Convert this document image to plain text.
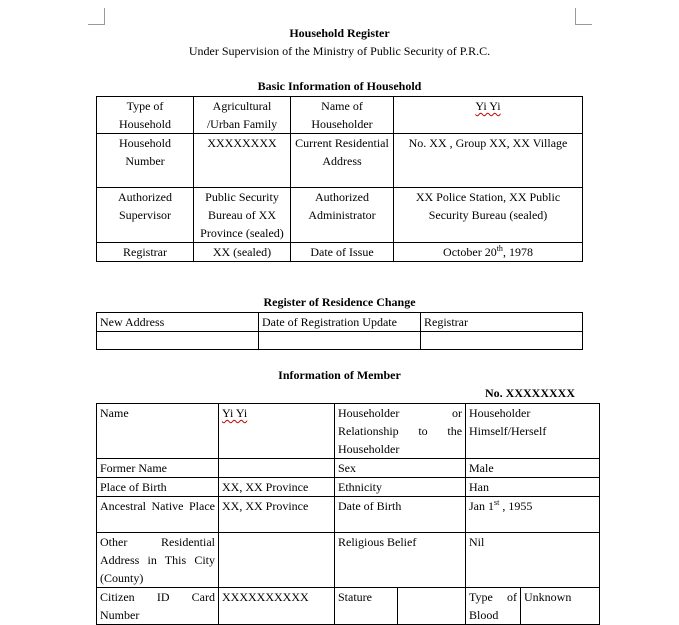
Household Register
Under Supervision of the Ministry of Public Security of P.R.C.
Basic Information of Household
Type of Household	Agricultural /Urban Family	Name of Householder	Yi Yi
Household Number	XXXXXXXX	Current Residential Address	No. XX , Group XX, XX Village
Authorized Supervisor	Public Security Bureau of XX Province (sealed)	Authorized Administrator	XX Police Station, XX Public Security Bureau (sealed)
Registrar	XX (sealed)	Date of Issue	October 20th, 1978
Register of Residence Change
New Address	Date of Registration Update	Registrar

Information of Member
No. XXXXXXXX
Name	Yi Yi	Householder or Relationship to the Householder		Householder Himself/Herself	
Former Name		Sex		Male	
Place of Birth	XX, XX Province	Ethnicity		Han	
Ancestral Native Place	XX, XX Province	Date of Birth		Jan 1st , 1955	
Other Residential Address in This City (County)		Religious Belief		Nil	
Citizen ID Card Number	XXXXXXXXXX	Stature		Type of Blood	Unknown
